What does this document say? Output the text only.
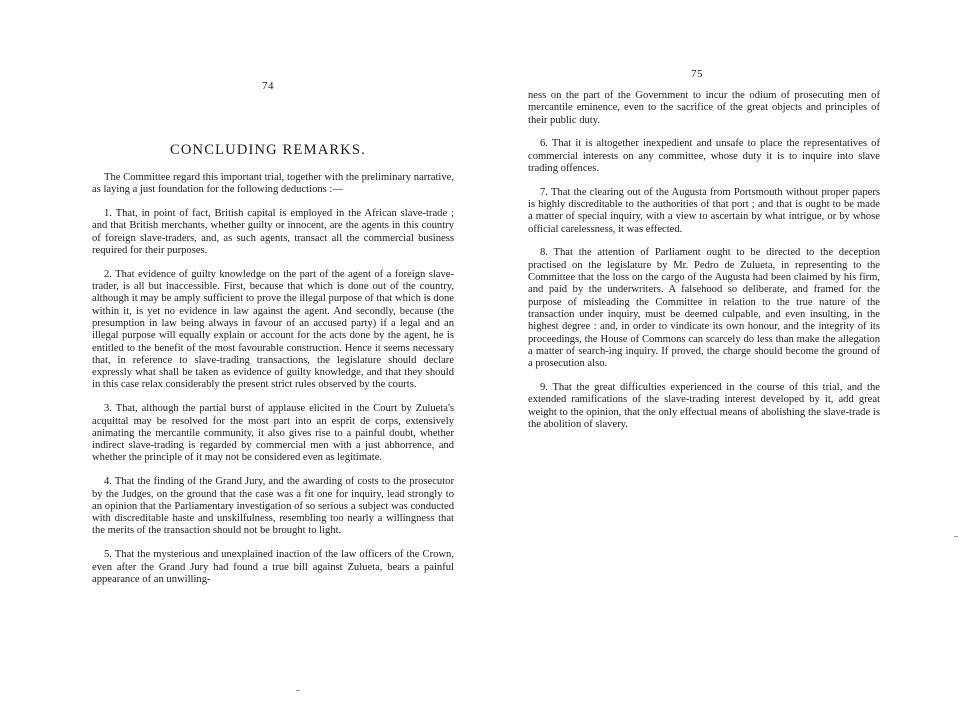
74
CONCLUDING REMARKS.

The Committee regard this important trial, together with the preliminary narrative, as laying a just foundation for the following deductions :—

1. That, in point of fact, British capital is employed in the African slave-trade ; and that British merchants, whether guilty or innocent, are the agents in this country of foreign slave-traders, and, as such agents, transact all the commercial business required for their purposes.

2. That evidence of guilty knowledge on the part of the agent of a foreign slave-trader, is all but inaccessible. First, because that which is done out of the country, although it may be amply sufficient to prove the illegal purpose of that which is done within it, is yet no evidence in law against the agent. And secondly, because (the presumption in law being always in favour of an accused party) if a legal and an illegal purpose will equally explain or account for the acts done by the agent, he is entitled to the benefit of the most favourable construction. Hence it seems necessary that, in reference to slave-trading transactions, the legislature should declare expressly what shall be taken as evidence of guilty knowledge, and that they should in this case relax considerably the present strict rules observed by the courts.

3. That, although the partial burst of applause elicited in the Court by Zulueta's acquittal may be resolved for the most part into an esprit de corps, extensively animating the mercantile community, it also gives rise to a painful doubt, whether indirect slave-trading is regarded by commercial men with a just abhorrence, and whether the principle of it may not be considered even as legitimate.

4. That the finding of the Grand Jury, and the awarding of costs to the prosecutor by the Judges, on the ground that the case was a fit one for inquiry, lead strongly to an opinion that the Parliamentary investigation of so serious a subject was conducted with discreditable haste and unskilfulness, resembling too nearly a willingness that the merits of the transaction should not be brought to light.

5. That the mysterious and unexplained inaction of the law officers of the Crown, even after the Grand Jury had found a true bill against Zulueta, bears a painful appearance of an unwilling-

75

ness on the part of the Government to incur the odium of prosecuting men of mercantile eminence, even to the sacrifice of the great objects and principles of their public duty.

6. That it is altogether inexpedient and unsafe to place the representatives of commercial interests on any committee, whose duty it is to inquire into slave trading offences.

7. That the clearing out of the Augusta from Portsmouth without proper papers is highly discreditable to the authorities of that port ; and that is ought to be made a matter of special inquiry, with a view to ascertain by what intrigue, or by whose official carelessness, it was effected.

8. That the attention of Parliament ought to be directed to the deception practised on the legislature by Mr. Pedro de Zulueta, in representing to the Committee that the loss on the cargo of the Augusta had been claimed by his firm, and paid by the underwriters. A falsehood so deliberate, and framed for the purpose of misleading the Committee in relation to the true nature of the transaction under inquiry, must be deemed culpable, and even insulting, in the highest degree : and, in order to vindicate its own honour, and the integrity of its proceedings, the House of Commons can scarcely do less than make the allegation a matter of search-ing inquiry. If proved, the charge should become the ground of a prosecution also.

9. That the great difficulties experienced in the course of this trial, and the extended ramifications of the slave-trading interest developed by it, add great weight to the opinion, that the only effectual means of abolishing the slave-trade is the abolition of slavery.
